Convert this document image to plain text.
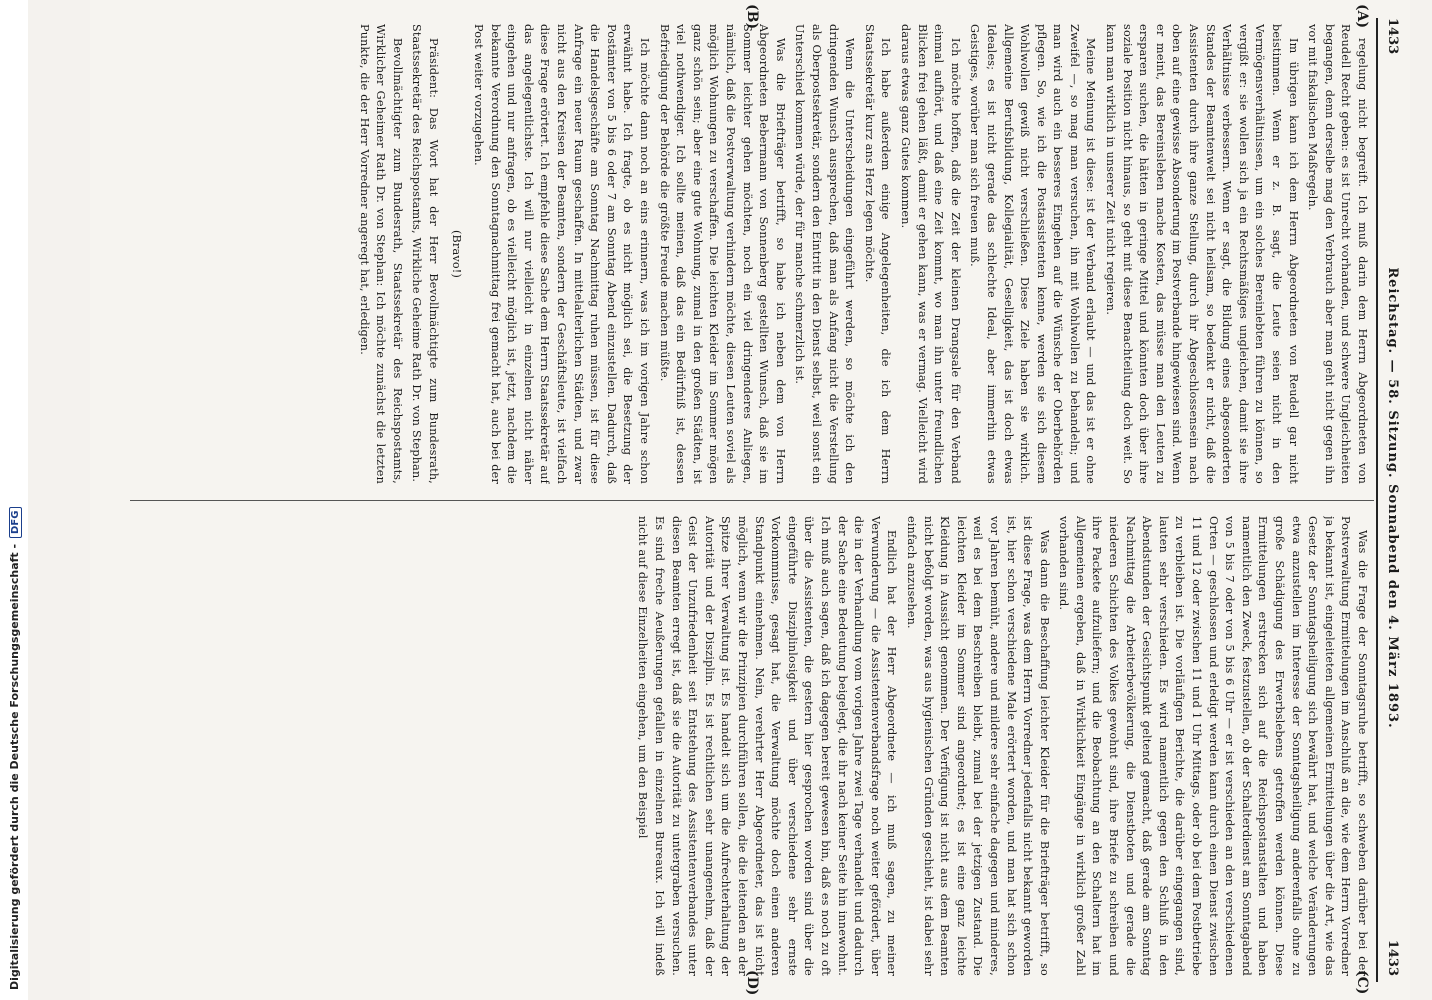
1433
Reichstag. — 58. Sitzung. Sonnabend den 4. März 1893.
1433
(A)
(C)
(B)
(D)

regelung nicht begreift. Ich muß darin dem Herrn Abgeordneten von Reudell Recht geben: es ist Unrecht vorhanden, und schwere Ungleichheiten begangen, denn derselbe mag den Verbrauch aber man geht nicht gegen ihn vor mit fiskalischen Maßregeln.

Im übrigen kann ich dem Herrn Abgeordneten von Reudell gar nicht beistimmen. Wenn er z. B. sagt, die Leute seien nicht in den Vermögensverhältnissen, um ein solches Bereinlebten führen zu können, so vergißt er: sie wollen sich ja ein Rechtsmäßiges ungleichen, damit sie ihre Verhältnisse verbessern. Wenn er sagt, die Bildung eines abgesonderten Standes der Beamtenwelt sei nicht heilsam, so bedenkt er nicht, daß die Assistenten durch ihre ganze Stellung, durch ihr Abgeschlossensein nach oben auf eine gewisse Absonderung im Postverbande hingewiesen sind. Wenn er meint, das Bereinsleben mache Kosten, das müsse man den Leuten zu ersparen suchen, die hätten in geringe Mittel und könnten doch über ihre soziale Position nicht hinaus, so geht mit diese Benachteilung doch weit. So kann man wirklich in unserer Zeit nicht regieren.

Meine Meinung ist diese: ist der Verband erlaubt — und das ist er ohne Zweifel —, so mag man versuchen, ihn mit Wohlwollen zu behandeln; und man wird auch ein besseres Eingehen auf die Wünsche der Oberbehörden pflegen. So, wie ich die Postassistenten kenne, werden sie sich diesem Wohlwollen gewiß nicht verschließen. Diese Ziele haben sie wirklich. Allgemeine Berufsbildung, Kollegialität, Geselligkeit, das ist doch etwas Ideales; es ist nicht gerade das schlechte Ideal, aber immerhin etwas Geistiges, worüber man sich freuen muß.

Ich möchte hoffen, daß die Zeit der kleinen Drangsale für den Verband einmal aufhört, und daß eine Zeit kommt, wo man ihn unter freundlichen Blicken frei gehen läßt, damit er gehen kann, was er vermag. Vielleicht wird daraus etwas ganz Gutes kommen.

Ich habe außerdem einige Angelegenheiten, die ich dem Herrn Staatssekretär kurz ans Herz legen möchte.

Wenn die Unterscheidungen eingeführt werden, so möchte ich den dringenden Wunsch aussprechen, daß man als Anfang nicht die Verstellung als Oberpostsekretär, sondern den Eintritt in den Dienst selbst, weil sonst ein Unterschied kommen würde, der für manche schmerzlich ist.

Was die Briefträger betrifft, so habe ich neben dem von Herrn Abgeordneten Bebermann von Sonnenberg gestellten Wunsch, daß sie im Sommer leichter gehen möchten, noch ein viel dringenderes Anliegen, nämlich, daß die Postverwaltung verhindern möchte, diesen Leuten soviel als möglich Wohnungen zu verschaffen. Die leichten Kleider im Sommer mögen ganz schön sein; aber eine gute Wohnung, zumal in den großen Städten, ist viel nothwendiger. Ich sollte meinen, daß das ein Bedürfniß ist, dessen Befriedigung der Behörde die größte Freude machen müßte.

Ich möchte dann noch an eins erinnern, was ich im vorigen Jahre schon erwähnt habe. Ich fragte, ob es nicht möglich sei, die Besetzung der Postämter von 5 bis 6 oder 7 am Sonntag Abend einzustellen. Dadurch, daß die Handelsgeschäfte am Sonntag Nachmittag ruhen müssen, ist für diese Anfrage ein neuer Raum geschaffen. In mittelalterlichen Städten, und zwar nicht aus den Kreisen der Beamten, sondern der Geschäftsleute, ist vielfach diese Frage erörtert. Ich empfehle diese Sache dem Herrn Staatssekretär auf das angelegentlichste. Ich will nur vielleicht in einzelnen nicht näher eingehen und nur anfragen, ob es vielleicht möglich ist, jetzt, nachdem die bekannte Verordnung den Sonntagnachmittag frei gemacht hat, auch bei der Post weiter vorzugehen.

(Bravo!)

Präsident: Das Wort hat der Herr Bevollmächtigte zum Bundesrath, Staatssekretär des Reichspostamts, Wirkliche Geheime Rath Dr. von Stephan.

Bevollmächtigter zum Bundesrath, Staatssekretär des Reichspostamts, Wirklicher Geheimer Rath Dr. von Stephan: Ich möchte zunächst die letzten Punkte, die der Herr Vorredner angeregt hat, erledigen.

Was die Frage der Sonntagsruhe betrifft, so schweben darüber bei der Postverwaltung Ermittelungen im Anschluß an die, wie dem Herrn Vorredner ja bekannt ist, eingeleiteten allgemeinen Ermittelungen über die Art, wie das Gesetz der Sonntagsheiligung sich bewährt hat, und welche Veränderungen etwa anzustellen im Interesse der Sonntagsheiligung anderenfalls ohne zu große Schädigung des Erwerbslebens getroffen werden können. Diese Ermittelungen erstrecken sich auf die Reichspostanstalten und haben namentlich den Zweck, festzustellen, ob der Schalterdienst am Sonntagabend von 5 bis 7 oder von 5 bis 6 Uhr — er ist verschieden an den verschiedenen Orten — geschlossen und erledigt werden kann durch einen Dienst zwischen 11 und 12 oder zwischen 11 und 1 Uhr Mittags, oder ob bei dem Postbetriebe zu verbleiben ist. Die vorläufigen Berichte, die darüber eingegangen sind, lauten sehr verschieden. Es wird namentlich gegen den Schluß in den Abendstunden der Gesichtspunkt geltend gemacht, daß gerade am Sonntag Nachmittag die Arbeiterbevölkerung, die Dienstboten und gerade die niederen Schichten des Volkes gewohnt sind, ihre Briefe zu schreiben und ihre Packete aufzuliefern; und die Beobachtung an den Schaltern hat im Allgemeinen ergeben, daß in Wirklichkeit Eingänge in wirklich großer Zahl vorhanden sind.

Was dann die Beschaffung leichter Kleider für die Briefträger betrifft, so ist diese Frage, was dem Herrn Vorredner jedenfalls nicht bekannt geworden ist, hier schon verschiedene Male erörtert worden, und man hat sich schon vor Jahren bemüht, andere und mildere sehr einfache dagegen und minderes, weil es bei dem Beschreiben bleibt, zumal bei der jetzigen Zustand. Die leichten Kleider im Sommer sind angeordnet; es ist eine ganz leichte Kleidung in Aussicht genommen. Der Verfügung ist nicht aus dem Beamten nicht befolgt worden, was aus hygienischen Gründen geschieht, ist dabei sehr einfach anzusehen.

Endlich hat der Herr Abgeordnete — ich muß sagen, zu meiner Verwunderung — die Assistentenverbandsfrage noch weiter gefördert, über die in der Verhandlung vom vorigen Jahre zwei Tage verhandelt und dadurch der Sache eine Bedeutung beigelegt, die ihr nach keiner Seite hin innewohnt. Ich muß auch sagen, daß ich dagegen bereit gewesen bin, daß es noch zu oft über die Assistenten, die gestern hier gesprochen worden sind über die eingeführte Disziplinlosigkeit und über verschiedene sehr ernste Vorkommnisse, gesagt hat, die Verwaltung möchte doch einen anderen Standpunkt einnehmen. Nein, verehrter Herr Abgeordneter, das ist nicht möglich, wenn wir die Prinzipien durchführen sollen, die die leitenden an der Spitze Ihrer Verwaltung ist. Es handelt sich um die Aufrechterhaltung der Autorität und der Disziplin. Es ist rechtlichen sehr unangenehm, daß der Geist der Unzufriedenheit seit Entstehung des Assistentenverbandes unter diesen Beamten erregt ist, daß sie die Autorität zu untergraben versuchen. Es sind freche Aeußerungen gefallen in einzelnen Bureaux. Ich will indeß nicht auf diese Einzelheiten eingehen, um den Beispiel

Digitalisierung gefördert durch die Deutsche Forschungsgemeinschaft -DFG
